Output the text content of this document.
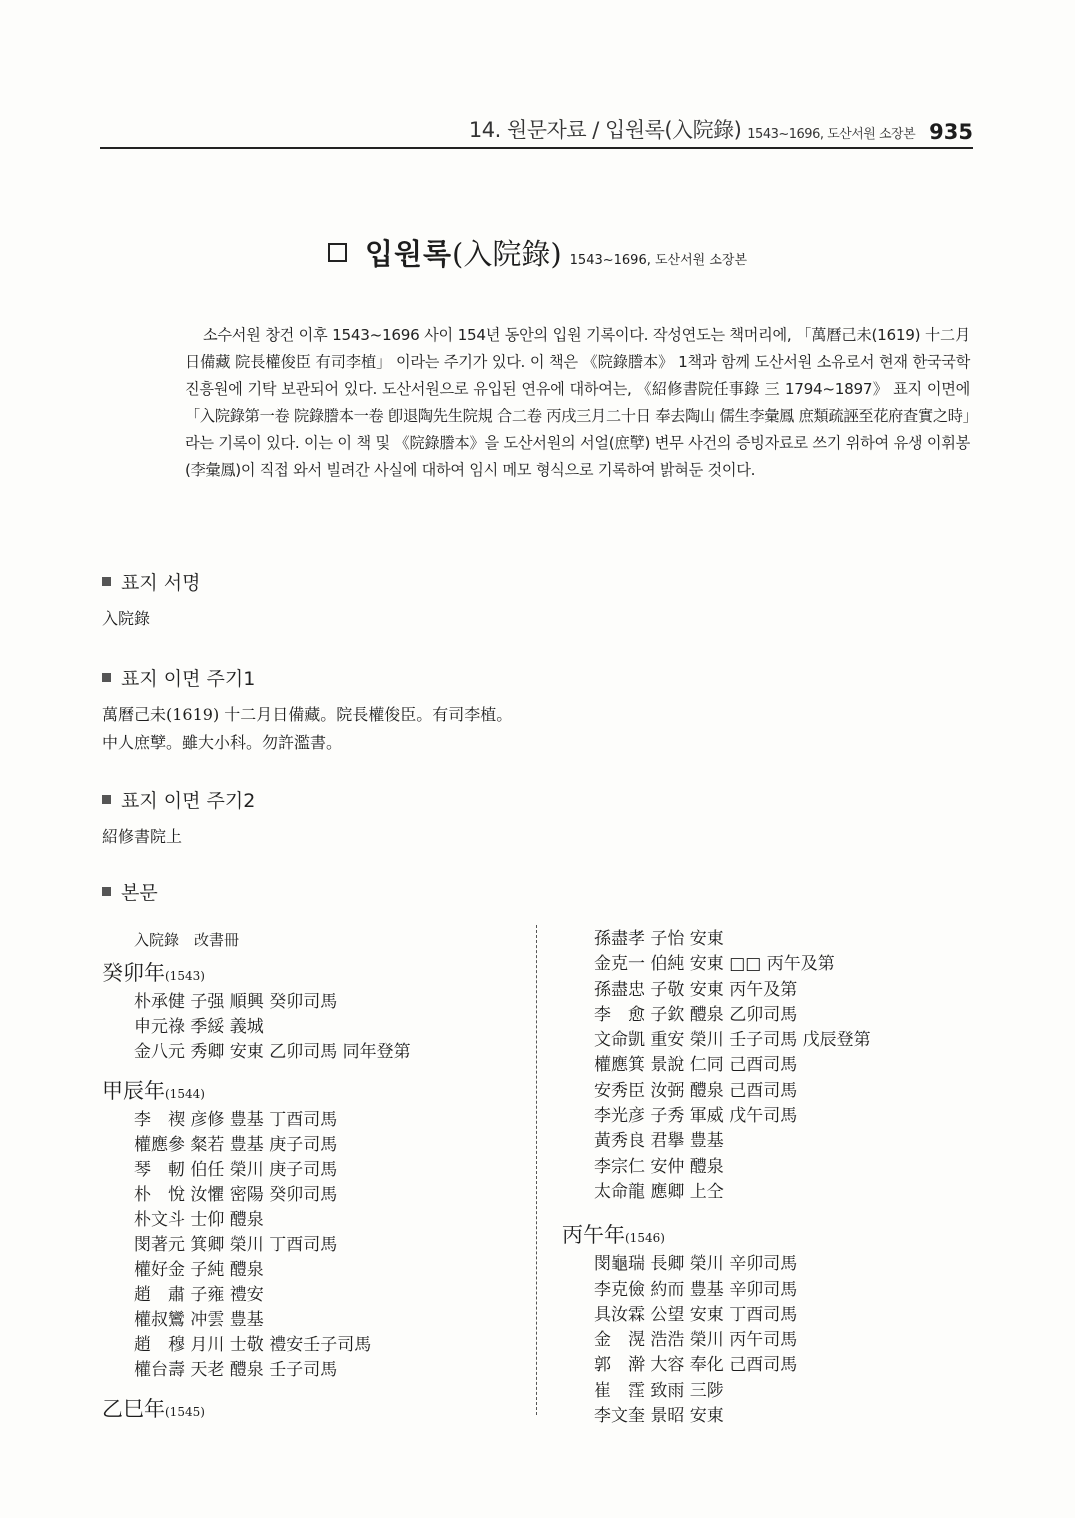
14. 원문자료 / 입원록(入院錄) 1543~1696, 도산서원 소장본 935
입원록(入院錄) 1543~1696, 도산서원 소장본

소수서원 창건 이후 1543~1696 사이 154년 동안의 입원 기록이다. 작성연도는 책머리에, 「萬曆己未(1619) 十二月日備藏 院長權俊臣 有司李植」 이라는 주기가 있다. 이 책은 《院錄謄本》 1책과 함께 도산서원 소유로서 현재 한국국학진흥원에 기탁 보관되어 있다. 도산서원으로 유입된 연유에 대하여는, 《紹修書院任事錄 三 1794~1897》 표지 이면에 「入院錄第一卷 院錄謄本一卷 卽退陶先生院規 合二卷 丙戌三月二十日 奉去陶山 儒生李彙鳳 庶類疏誣至花府査實之時」라는 기록이 있다. 이는 이 책 및 《院錄謄本》을 도산서원의 서얼(庶孼) 변무 사건의 증빙자료로 쓰기 위하여 유생 이휘봉(李彙鳳)이 직접 와서 빌려간 사실에 대하여 임시 메모 형식으로 기록하여 밝혀둔 것이다.

표지 서명
入院錄
표지 이면 주기1
萬曆己未(1619) 十二月日備藏。院長權俊臣。有司李植。
中人庶孼。雖大小科。勿許濫書。
표지 이면 주기2
紹修書院上
본문
入院錄　改書冊
癸卯年(1543)
朴承健 子强 順興 癸卯司馬
申元祿 季綏 義城
金八元 秀卿 安東 乙卯司馬 同年登第
甲辰年(1544)
李　禊 彦修 豊基 丁酉司馬
權應參 粲若 豊基 庚子司馬
琴　軔 伯任 榮川 庚子司馬
朴　悅 汝懼 密陽 癸卯司馬
朴文斗 士仰 醴泉
閔著元 箕卿 榮川 丁酉司馬
權好金 子純 醴泉
趙　肅 子雍 禮安
權叔鸞 冲雲 豊基
趙　穆 月川 士敬 禮安壬子司馬
權台壽 天老 醴泉 壬子司馬
乙巳年(1545)
孫盡孝 子怡 安東
金克一 伯純 安東 □□ 丙午及第
孫盡忠 子敬 安東 丙午及第
李　愈 子欽 醴泉 乙卯司馬
文命凱 重安 榮川 壬子司馬 戊辰登第
權應箕 景說 仁同 己酉司馬
安秀臣 汝弼 醴泉 己酉司馬
李光彦 子秀 軍威 戊午司馬
黃秀良 君擧 豊基
李宗仁 安仲 醴泉
太命龍 應卿 上仝
丙午年(1546)
閔龜瑞 長卿 榮川 辛卯司馬
李克儉 約而 豊基 辛卯司馬
具汝霖 公望 安東 丁酉司馬
金　滉 浩浩 榮川 丙午司馬
郭　澣 大容 奉化 己酉司馬
崔　霔 致雨 三陟
李文奎 景昭 安東
